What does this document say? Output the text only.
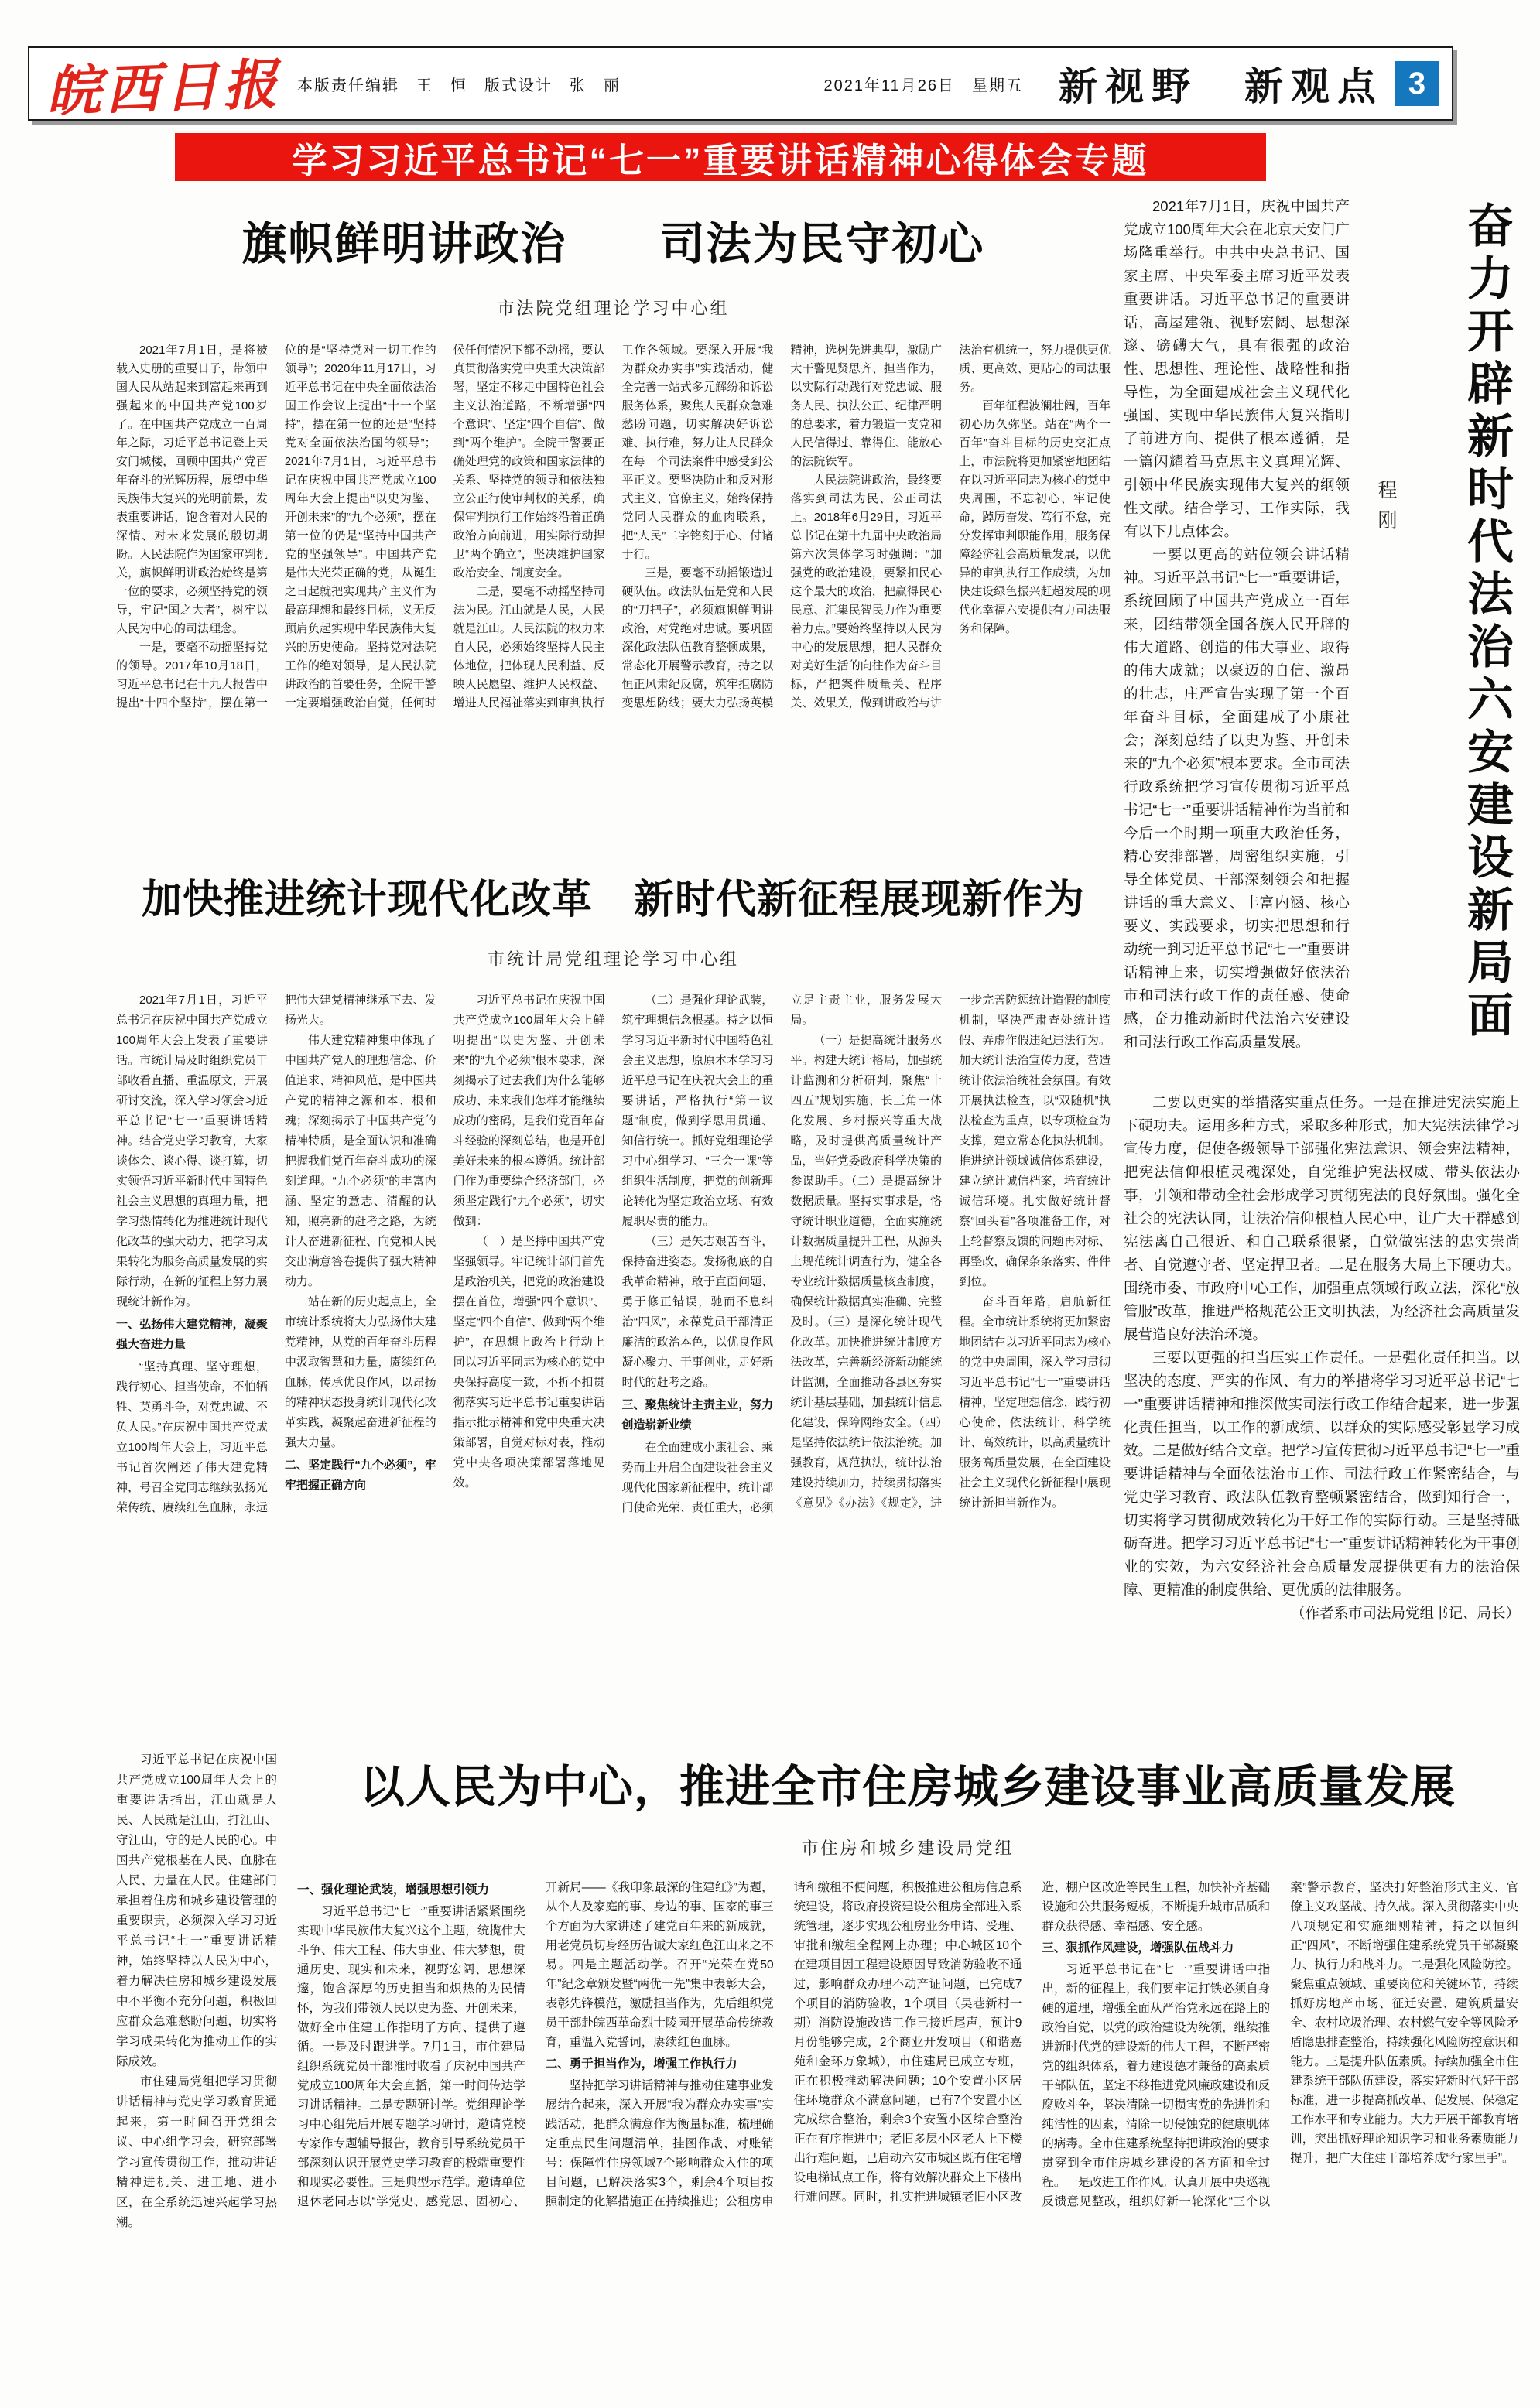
皖西日报 本版责任编辑　王　恒　版式设计　张　丽	2021年11月26日　星期五 新视野　新观点 3
学习习近平总书记“七一”重要讲话精神心得体会专题
旗帜鲜明讲政治　　司法为民守初心
市法院党组理论学习中心组

2021年7月1日，是将被载入史册的重要日子，带领中国人民从站起来到富起来再到强起来的中国共产党100岁了。在中国共产党成立一百周年之际，习近平总书记登上天安门城楼，回顾中国共产党百年奋斗的光辉历程，展望中华民族伟大复兴的光明前景，发表重要讲话，饱含着对人民的深情、对未来发展的殷切期盼。人民法院作为国家审判机关，旗帜鲜明讲政治始终是第一位的要求，必须坚持党的领导，牢记“国之大者”，树牢以人民为中心的司法理念。

一是，要毫不动摇坚持党的领导。2017年10月18日，习近平总书记在十九大报告中提出“十四个坚持”，摆在第一位的是“坚持党对一切工作的领导”；2020年11月17日，习近平总书记在中央全面依法治国工作会议上提出“十一个坚持”，摆在第一位的还是“坚持党对全面依法治国的领导”；2021年7月1日，习近平总书记在庆祝中国共产党成立100周年大会上提出“以史为鉴、开创未来”的“九个必须”，摆在第一位的仍是“坚持中国共产党的坚强领导”。中国共产党是伟大光荣正确的党，从诞生之日起就把实现共产主义作为最高理想和最终目标，义无反顾肩负起实现中华民族伟大复兴的历史使命。坚持党对法院工作的绝对领导，是人民法院讲政治的首要任务，全院干警一定要增强政治自觉，任何时候任何情况下都不动摇，要认真贯彻落实党中央重大决策部署，坚定不移走中国特色社会主义法治道路，不断增强“四个意识”、坚定“四个自信”、做到“两个维护”。全院干警要正确处理党的政策和国家法律的关系、坚持党的领导和依法独立公正行使审判权的关系，确保审判执行工作始终沿着正确政治方向前进，用实际行动捍卫“两个确立”，坚决维护国家政治安全、制度安全。

二是，要毫不动摇坚持司法为民。江山就是人民，人民就是江山。人民法院的权力来自人民，必须始终坚持人民主体地位，把体现人民利益、反映人民愿望、维护人民权益、增进人民福祉落实到审判执行工作各领域。要深入开展“我为群众办实事”实践活动，健全完善一站式多元解纷和诉讼服务体系，聚焦人民群众急难愁盼问题，切实解决好诉讼难、执行难，努力让人民群众在每一个司法案件中感受到公平正义。要坚决防止和反对形式主义、官僚主义，始终保持党同人民群众的血肉联系，把“人民”二字铭刻于心、付诸于行。

三是，要毫不动摇锻造过硬队伍。政法队伍是党和人民的“刀把子”，必须旗帜鲜明讲政治，对党绝对忠诚。要巩固深化政法队伍教育整顿成果，常态化开展警示教育，持之以恒正风肃纪反腐，筑牢拒腐防变思想防线；要大力弘扬英模精神，选树先进典型，激励广大干警见贤思齐、担当作为，以实际行动践行对党忠诚、服务人民、执法公正、纪律严明的总要求，着力锻造一支党和人民信得过、靠得住、能放心的法院铁军。

人民法院讲政治，最终要落实到司法为民、公正司法上。2018年6月29日，习近平总书记在第十九届中央政治局第六次集体学习时强调：“加强党的政治建设，要紧扣民心这个最大的政治，把赢得民心民意、汇集民智民力作为重要着力点。”要始终坚持以人民为中心的发展思想，把人民群众对美好生活的向往作为奋斗目标，严把案件质量关、程序关、效果关，做到讲政治与讲法治有机统一，努力提供更优质、更高效、更贴心的司法服务。

百年征程波澜壮阔，百年初心历久弥坚。站在“两个一百年”奋斗目标的历史交汇点上，市法院将更加紧密地团结在以习近平同志为核心的党中央周围，不忘初心、牢记使命，踔厉奋发、笃行不怠，充分发挥审判职能作用，服务保障经济社会高质量发展，以优异的审判执行工作成绩，为加快建设绿色振兴赶超发展的现代化幸福六安提供有力司法服务和保障。

加快推进统计现代化改革　新时代新征程展现新作为
市统计局党组理论学习中心组

2021年7月1日，习近平总书记在庆祝中国共产党成立100周年大会上发表了重要讲话。市统计局及时组织党员干部收看直播、重温原文，开展研讨交流，深入学习领会习近平总书记“七一”重要讲话精神。结合党史学习教育，大家谈体会、谈心得、谈打算，切实领悟习近平新时代中国特色社会主义思想的真理力量，把学习热情转化为推进统计现代化改革的强大动力，把学习成果转化为服务高质量发展的实际行动，在新的征程上努力展现统计新作为。

一、弘扬伟大建党精神，凝聚强大奋进力量

“坚持真理、坚守理想，践行初心、担当使命，不怕牺牲、英勇斗争，对党忠诚、不负人民。”在庆祝中国共产党成立100周年大会上，习近平总书记首次阐述了伟大建党精神，号召全党同志继续弘扬光荣传统、赓续红色血脉，永远把伟大建党精神继承下去、发扬光大。

伟大建党精神集中体现了中国共产党人的理想信念、价值追求、精神风范，是中国共产党的精神之源和本、根和魂；深刻揭示了中国共产党的精神特质，是全面认识和准确把握我们党百年奋斗成功的深刻道理。“九个必须”的丰富内涵、坚定的意志、清醒的认知，照亮新的赶考之路，为统计人奋进新征程、向党和人民交出满意答卷提供了强大精神动力。

站在新的历史起点上，全市统计系统将大力弘扬伟大建党精神，从党的百年奋斗历程中汲取智慧和力量，赓续红色血脉，传承优良作风，以昂扬的精神状态投身统计现代化改革实践，凝聚起奋进新征程的强大力量。

二、坚定践行“九个必须”，牢牢把握正确方向

习近平总书记在庆祝中国共产党成立100周年大会上鲜明提出“以史为鉴、开创未来”的“九个必须”根本要求，深刻揭示了过去我们为什么能够成功、未来我们怎样才能继续成功的密码，是我们党百年奋斗经验的深刻总结，也是开创美好未来的根本遵循。统计部门作为重要综合经济部门，必须坚定践行“九个必须”，切实做到：

（一）是坚持中国共产党坚强领导。牢记统计部门首先是政治机关，把党的政治建设摆在首位，增强“四个意识”、坚定“四个自信”、做到“两个维护”，在思想上政治上行动上同以习近平同志为核心的党中央保持高度一致，不折不扣贯彻落实习近平总书记重要讲话指示批示精神和党中央重大决策部署，自觉对标对表，推动党中央各项决策部署落地见效。

（二）是强化理论武装，筑牢理想信念根基。持之以恒学习习近平新时代中国特色社会主义思想，原原本本学习习近平总书记在庆祝大会上的重要讲话，严格执行“第一议题”制度，做到学思用贯通、知信行统一。抓好党组理论学习中心组学习、“三会一课”等组织生活制度，把党的创新理论转化为坚定政治立场、有效履职尽责的能力。

（三）是矢志艰苦奋斗，保持奋进姿态。发扬彻底的自我革命精神，敢于直面问题、勇于修正错误，驰而不息纠治“四风”，永葆党员干部清正廉洁的政治本色，以优良作风凝心聚力、干事创业，走好新时代的赶考之路。

三、聚焦统计主责主业，努力创造崭新业绩

在全面建成小康社会、乘势而上开启全面建设社会主义现代化国家新征程中，统计部门使命光荣、责任重大，必须立足主责主业，服务发展大局。

（一）是提高统计服务水平。构建大统计格局，加强统计监测和分析研判，聚焦“十四五”规划实施、长三角一体化发展、乡村振兴等重大战略，及时提供高质量统计产品，当好党委政府科学决策的参谋助手。（二）是提高统计数据质量。坚持实事求是，恪守统计职业道德，全面实施统计数据质量提升工程，从源头上规范统计调查行为，健全各专业统计数据质量核查制度，确保统计数据真实准确、完整及时。（三）是深化统计现代化改革。加快推进统计制度方法改革，完善新经济新动能统计监测，全面推动各县区夯实统计基层基础，加强统计信息化建设，保障网络安全。（四）是坚持依法统计依法治统。加强教育，规范执法，统计法治建设持续加力，持续贯彻落实《意见》《办法》《规定》，进一步完善防惩统计造假的制度机制，坚决严肃查处统计造假、弄虚作假违纪违法行为。加大统计法治宣传力度，营造统计依法治统社会氛围。有效开展执法检查，以“双随机”执法检查为重点，以专项检查为支撑，建立常态化执法机制。推进统计领域诚信体系建设，建立统计诚信档案，培育统计诚信环境。扎实做好统计督察“回头看”各项准备工作，对上轮督察反馈的问题再对标、再整改，确保条条落实、件件到位。

奋斗百年路，启航新征程。全市统计系统将更加紧密地团结在以习近平同志为核心的党中央周围，深入学习贯彻习近平总书记“七一”重要讲话精神，坚定理想信念，践行初心使命，依法统计、科学统计、高效统计，以高质量统计服务高质量发展，在全面建设社会主义现代化新征程中展现统计新担当新作为。

2021年7月1日，庆祝中国共产党成立100周年大会在北京天安门广场隆重举行。中共中央总书记、国家主席、中央军委主席习近平发表重要讲话。习近平总书记的重要讲话，高屋建瓴、视野宏阔、思想深邃、磅礴大气，具有很强的政治性、思想性、理论性、战略性和指导性，为全面建成社会主义现代化强国、实现中华民族伟大复兴指明了前进方向、提供了根本遵循，是一篇闪耀着马克思主义真理光辉、引领中华民族实现伟大复兴的纲领性文献。结合学习、工作实际，我有以下几点体会。

一要以更高的站位领会讲话精神。习近平总书记“七一”重要讲话，系统回顾了中国共产党成立一百年来，团结带领全国各族人民开辟的伟大道路、创造的伟大事业、取得的伟大成就；以豪迈的自信、激昂的壮志，庄严宣告实现了第一个百年奋斗目标，全面建成了小康社会；深刻总结了以史为鉴、开创未来的“九个必须”根本要求。全市司法行政系统把学习宣传贯彻习近平总书记“七一”重要讲话精神作为当前和今后一个时期一项重大政治任务，精心安排部署，周密组织实施，引导全体党员、干部深刻领会和把握讲话的重大意义、丰富内涵、核心要义、实践要求，切实把思想和行动统一到习近平总书记“七一”重要讲话精神上来，切实增强做好依法治市和司法行政工作的责任感、使命感，奋力推动新时代法治六安建设和司法行政工作高质量发展。

程刚	奋力开辟新时代法治六安建设新局面

二要以更实的举措落实重点任务。一是在推进宪法实施上下硬功夫。运用多种方式，采取多种形式，加大宪法法律学习宣传力度，促使各级领导干部强化宪法意识、领会宪法精神，把宪法信仰根植灵魂深处，自觉维护宪法权威、带头依法办事，引领和带动全社会形成学习贯彻宪法的良好氛围。强化全社会的宪法认同，让法治信仰根植人民心中，让广大干群感到宪法离自己很近、和自己联系很紧，自觉做宪法的忠实崇尚者、自觉遵守者、坚定捍卫者。二是在服务大局上下硬功夫。围绕市委、市政府中心工作，加强重点领域行政立法，深化“放管服”改革，推进严格规范公正文明执法，为经济社会高质量发展营造良好法治环境。

三要以更强的担当压实工作责任。一是强化责任担当。以坚决的态度、严实的作风、有力的举措将学习习近平总书记“七一”重要讲话精神和推深做实司法行政工作结合起来，进一步强化责任担当，以工作的新成绩、以群众的实际感受彰显学习成效。二是做好结合文章。把学习宣传贯彻习近平总书记“七一”重要讲话精神与全面依法治市工作、司法行政工作紧密结合，与党史学习教育、政法队伍教育整顿紧密结合，做到知行合一，切实将学习贯彻成效转化为干好工作的实际行动。三是坚持砥砺奋进。把学习习近平总书记“七一”重要讲话精神转化为干事创业的实效，为六安经济社会高质量发展提供更有力的法治保障、更精准的制度供给、更优质的法律服务。

（作者系市司法局党组书记、局长）

习近平总书记在庆祝中国共产党成立100周年大会上的重要讲话指出，江山就是人民、人民就是江山，打江山、守江山，守的是人民的心。中国共产党根基在人民、血脉在人民、力量在人民。住建部门承担着住房和城乡建设管理的重要职责，必须深入学习习近平总书记“七一”重要讲话精神，始终坚持以人民为中心，着力解决住房和城乡建设发展中不平衡不充分问题，积极回应群众急难愁盼问题，切实将学习成果转化为推动工作的实际成效。

市住建局党组把学习贯彻讲话精神与党史学习教育贯通起来，第一时间召开党组会议、中心组学习会，研究部署学习宣传贯彻工作，推动讲话精神进机关、进工地、进小区，在全系统迅速兴起学习热潮。

以人民为中心，推进全市住房城乡建设事业高质量发展
市住房和城乡建设局党组

一、强化理论武装，增强思想引领力

习近平总书记“七一”重要讲话紧紧围绕实现中华民族伟大复兴这个主题，统揽伟大斗争、伟大工程、伟大事业、伟大梦想，贯通历史、现实和未来，视野宏阔、思想深邃，饱含深厚的历史担当和炽热的为民情怀，为我们带领人民以史为鉴、开创未来，做好全市住建工作指明了方向、提供了遵循。一是及时跟进学。7月1日，市住建局组织系统党员干部准时收看了庆祝中国共产党成立100周年大会直播，第一时间传达学习讲话精神。二是专题研讨学。党组理论学习中心组先后开展专题学习研讨，邀请党校专家作专题辅导报告，教育引导系统党员干部深刻认识开展党史学习教育的极端重要性和现实必要性。三是典型示范学。邀请单位退休老同志以“学党史、感党恩、固初心、开新局——《我印象最深的住建红》”为题，从个人及家庭的事、身边的事、国家的事三个方面为大家讲述了建党百年来的新成就，用老党员切身经历告诫大家红色江山来之不易。四是主题活动学。召开“光荣在党50年”纪念章颁发暨“两优一先”集中表彰大会，表彰先锋模范，激励担当作为，先后组织党员干部赴皖西革命烈士陵园开展革命传统教育，重温入党誓词，赓续红色血脉。

二、勇于担当作为，增强工作执行力

坚持把学习讲话精神与推动住建事业发展结合起来，深入开展“我为群众办实事”实践活动，把群众满意作为衡量标准，梳理确定重点民生问题清单，挂图作战、对账销号：保障性住房领域7个影响群众入住的项目问题，已解决落实3个，剩余4个项目按照制定的化解措施正在持续推进；公租房申请和缴租不便问题，积极推进公租房信息系统建设，将政府投资建设公租房全部进入系统管理，逐步实现公租房业务申请、受理、审批和缴租全程网上办理；中心城区10个在建项目因工程建设原因导致消防验收不通过，影响群众办理不动产证问题，已完成7个项目的消防验收，1个项目（吴巷新村一期）消防设施改造工作已接近尾声，预计9月份能够完成，2个商业开发项目（和谐嘉苑和金环万象城），市住建局已成立专班，正在积极推动解决问题；10个安置小区居住环境群众不满意问题，已有7个安置小区完成综合整治，剩余3个安置小区综合整治正在有序推进中；老旧多层小区老人上下楼出行难问题，已启动六安市城区既有住宅增设电梯试点工作，将有效解决群众上下楼出行难问题。同时，扎实推进城镇老旧小区改造、棚户区改造等民生工程，加快补齐基础设施和公共服务短板，不断提升城市品质和群众获得感、幸福感、安全感。

三、狠抓作风建设，增强队伍战斗力

习近平总书记在“七一”重要讲话中指出，新的征程上，我们要牢记打铁必须自身硬的道理，增强全面从严治党永远在路上的政治自觉，以党的政治建设为统领，继续推进新时代党的建设新的伟大工程，不断严密党的组织体系，着力建设德才兼备的高素质干部队伍，坚定不移推进党风廉政建设和反腐败斗争，坚决清除一切损害党的先进性和纯洁性的因素，清除一切侵蚀党的健康肌体的病毒。全市住建系统坚持把讲政治的要求贯穿到全市住房城乡建设的各方面和全过程。一是改进工作作风。认真开展中央巡视反馈意见整改，组织好新一轮深化“三个以案”警示教育，坚决打好整治形式主义、官僚主义攻坚战、持久战。深入贯彻落实中央八项规定和实施细则精神，持之以恒纠正“四风”，不断增强住建系统党员干部凝聚力、执行力和战斗力。二是强化风险防控。聚焦重点领域、重要岗位和关键环节，持续抓好房地产市场、征迁安置、建筑质量安全、农村垃圾治理、农村燃气安全等风险矛盾隐患排查整治，持续强化风险防控意识和能力。三是提升队伍素质。持续加强全市住建系统干部队伍建设，落实好新时代好干部标准，进一步提高抓改革、促发展、保稳定工作水平和专业能力。大力开展干部教育培训，突出抓好理论知识学习和业务素质能力提升，把广大住建干部培养成“行家里手”。
